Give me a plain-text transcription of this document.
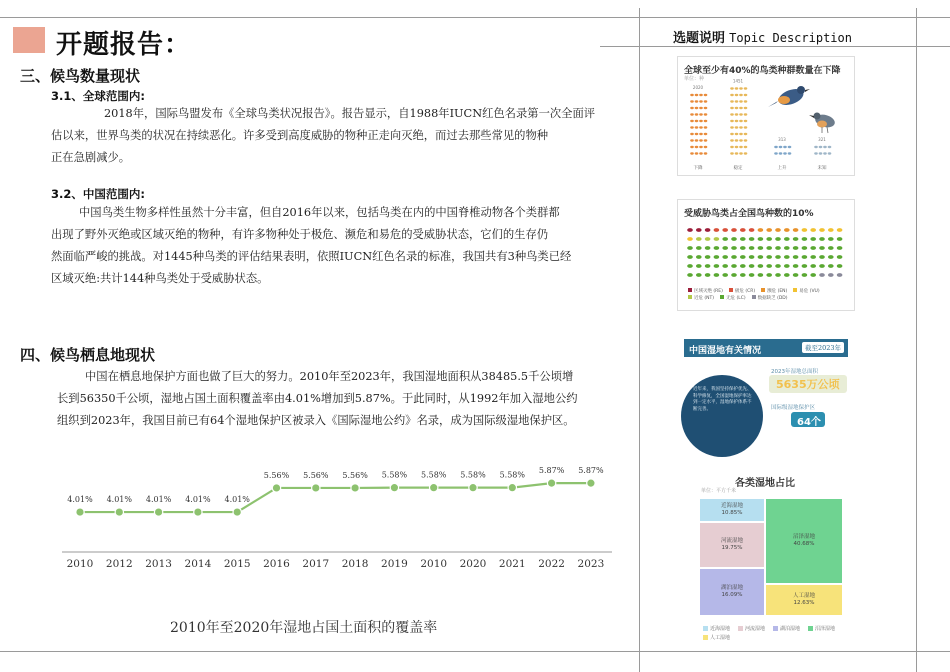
开题报告：	选题说明 Topic Description
三、候鸟数量现状
3.1、全球范围内:
2018年，国际鸟盟发布《全球鸟类状况报告》。报告显示，自1988年IUCN红色名录第一次全面评
估以来，世界鸟类的状况在持续恶化。许多受到高度威胁的物种正走向灭绝，而过去那些常见的物种
正在急剧减少。
3.2、中国范围内:
中国鸟类生物多样性虽然十分丰富，但自2016年以来，包括鸟类在内的中国脊椎动物各个类群都
出现了野外灭绝或区域灭绝的物种，有许多物种处于极危、濒危和易危的受威胁状态，它们的生存仍
然面临严峻的挑战。对1445种鸟类的评估结果表明，依照IUCN红色名录的标准，我国共有3种鸟类已经
区域灭绝:共计144种鸟类处于受威胁状态。
四、候鸟栖息地现状
中国在栖息地保护方面也做了巨大的努力。2010年至2023年，我国湿地面积从38485.5千公顷增
长到56350千公顷，湿地占国土面积覆盖率由4.01%增加到5.87%。于此同时，从1992年加入湿地公约
组织到2023年，我国目前已有64个湿地保护区被录入《国际湿地公约》名录，成为国际级湿地保护区。
4.01%
2010
4.01%
2012
4.01%
2013
4.01%
2014
4.01%
2015
5.56%
2016
5.56%
2017
5.56%
2018
5.58%
2019
5.58%
2010
5.58%
2020
5.58%
2021
5.87%
2022
5.87%
2023
2010年至2020年湿地占国土面积的覆盖率
全球至少有40%的鸟类种群数量在下降
单位：种
2020
下降
1451
稳定
313
上升
321
未知
受威胁鸟类占全国鸟种数的10%
区域灭绝 (RE)	极危 (CR)	濒危 (EN)	易危 (VU)
近危 (NT)	无危 (LC)	数据缺乏 (DD)
中国湿地有关情况	截至2023年
近年来，我国坚持保护优先、科学修复，全国湿地保护率达到一定水平，湿地保护体系不断完善。
2023年湿地总面积
5635万公顷
国际级湿地保护区
64个
各类湿地占比
单位：平方千米
近海湿地
10.85%
河流湿地
19.75%
湖泊湿地
16.09%
沼泽湿地
40.68%
人工湿地
12.63%
近海湿地	河流湿地	湖泊湿地	沼泽湿地
人工湿地
